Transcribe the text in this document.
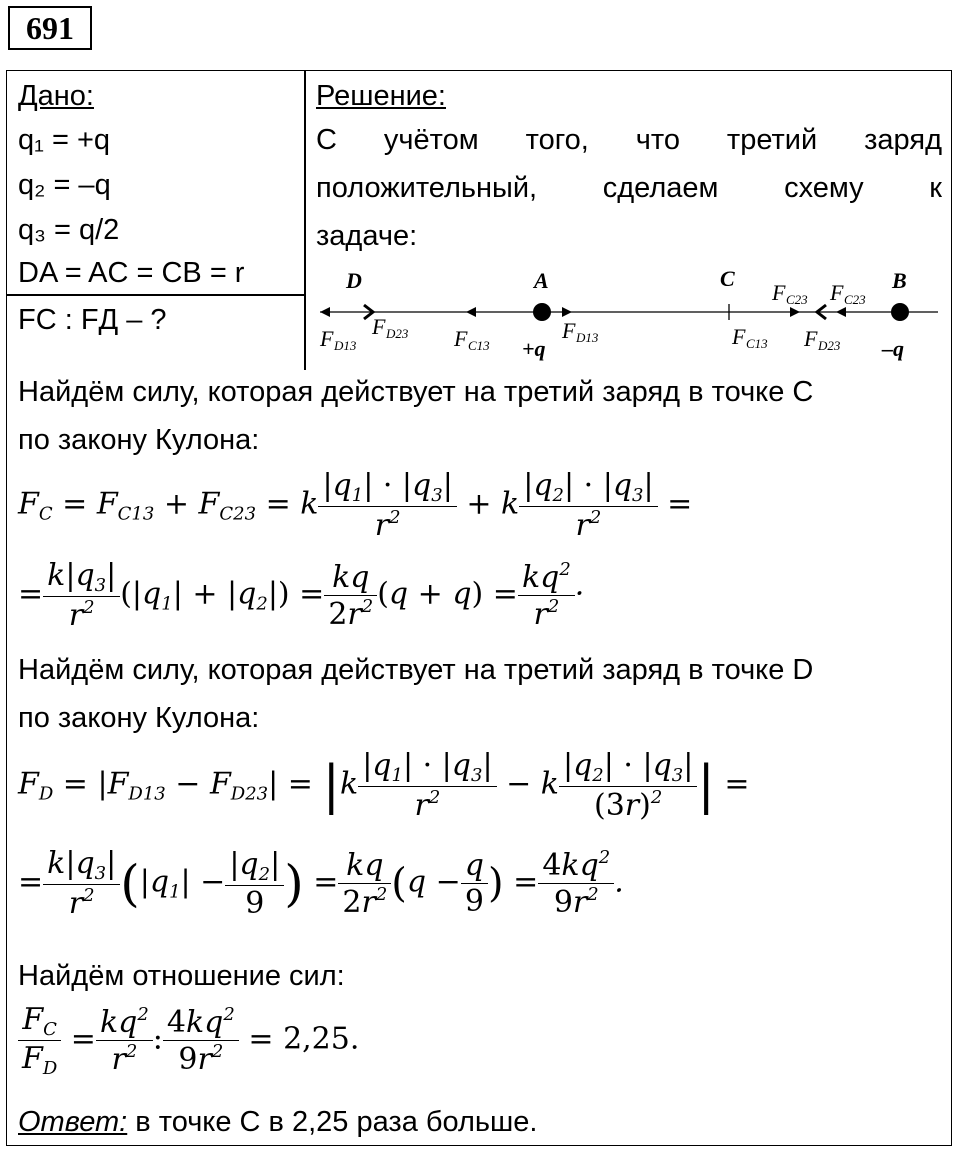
691
Дано:
q₁ = +q
q₂ = –q
q₃ = q/2
DA = AC = CB = r
FС : FД – ?
Решение:
С учётом того, что третий заряд
положительный, сделаем схему к
задаче:
D	A	C	B
F D13
F D23 F C13
F D13	F C13 F D23
F C23 F C23
+q	–q
Найдём силу, которая действует на третий заряд в точке С
по закону Кулона:
$F_C = F_{C13} + F_{C23} = k \frac{|q_1| \cdot |q_3|}{r^2} + k \frac{|q_2| \cdot |q_3|}{r^2}$ =
= $\frac{k|q_3|}{r^2} (|q_1| + |q_2|) = \frac{kq}{2r^2} (q + q) = \frac{kq^2}{r^2}$ ·
Найдём силу, которая действует на третий заряд в точке D
по закону Кулона:
$F_D = |F_{D13} - F_{D23}| = |k \frac{|q_1| \cdot |q_3|}{r^2} - k \frac{|q_2| \cdot |q_3|}{(3r)^2}$ | =
= $\frac{k|q_3|}{r^2} (|q_1| - \frac{|q_2|}{9}$ ) = $\frac{kq}{2r^2} (q - \frac{q}{9}$ ) = $\frac{4kq^2}{9r^2}$ .
Найдём отношение сил:
$\frac{F_C}{F_D} = \frac{kq^2}{r^2}$ : $\frac{4kq^2}{9r^2} = 2,25$.
Ответ: в точке С в 2,25 раза больше.
